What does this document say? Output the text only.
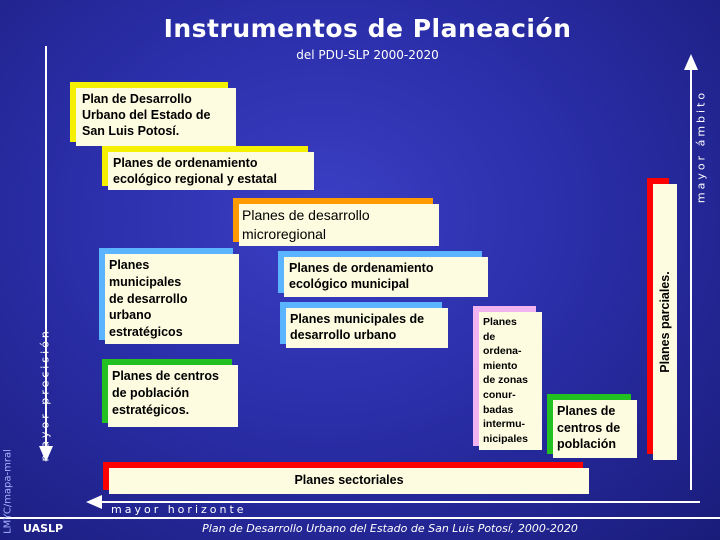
Instrumentos de Planeación
del PDU-SLP 2000-2020
mayor precisión
mayor ámbito
mayor horizonte
Plan de Desarrollo
Urbano del Estado de
San Luis Potosí.
Planes de ordenamiento
ecológico regional y estatal
Planes de desarrollo
microregional
Planes
municipales
de desarrollo
urbano
estratégicos
Planes de ordenamiento
ecológico municipal
Planes municipales de
desarrollo urbano
Planes
de
ordena-
miento
de zonas
conur-
badas
intermu-
nicipales
Planes de centros
de población
estratégicos.	Planes de
centros de
población
Planes sectoriales
Planes parciales.
UASLP	Plan de Desarrollo Urbano del Estado de San Luis Potosí, 2000-2020
LMYC/mapa-mral
